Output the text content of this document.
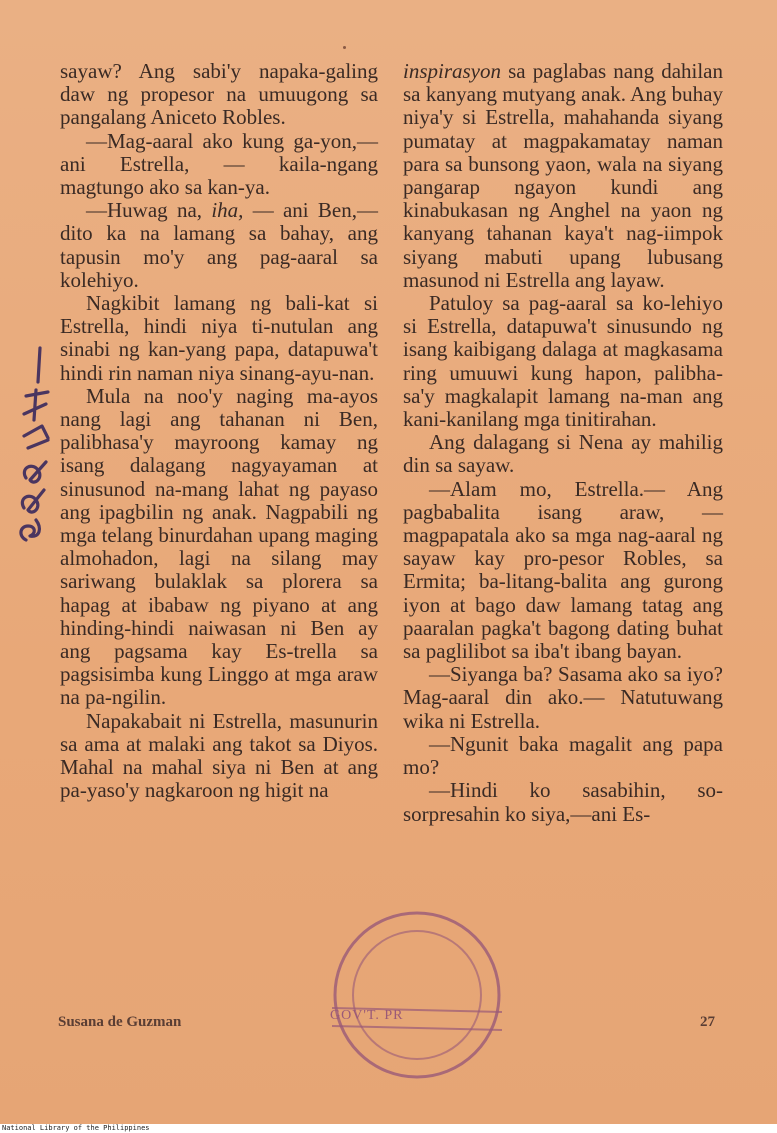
sayaw? Ang sabi'y napaka-galing daw ng propesor na umuugong sa pangalang Aniceto Robles.

—Mag-aaral ako kung ga-yon,—ani Estrella, — kaila-ngang magtungo ako sa kan-ya.

—Huwag na, iha, — ani Ben,—dito ka na lamang sa bahay, ang tapusin mo'y ang pag-aaral sa kolehiyo.

Nagkibit lamang ng bali-kat si Estrella, hindi niya ti-nutulan ang sinabi ng kan-yang papa, datapuwa't hindi rin naman niya sinang-ayu-nan.

Mula na noo'y naging ma-ayos nang lagi ang tahanan ni Ben, palibhasa'y mayroong kamay ng isang dalagang nagyayaman at sinusunod na-mang lahat ng payaso ang ipagbilin ng anak. Nagpabili ng mga telang binurdahan upang maging almohadon, lagi na silang may sariwang bulaklak sa plorera sa hapag at ibabaw ng piyano at ang hinding-hindi naiwasan ni Ben ay ang pagsama kay Es-trella sa pagsisimba kung Linggo at mga araw na pa-ngilin.

Napakabait ni Estrella, masunurin sa ama at malaki ang takot sa Diyos. Mahal na mahal siya ni Ben at ang pa-yaso'y nagkaroon ng higit na

inspirasyon sa paglabas nang dahilan sa kanyang mutyang anak. Ang buhay niya'y si Estrella, mahahanda siyang pumatay at magpakamatay naman para sa bunsong yaon, wala na siyang pangarap ngayon kundi ang kinabukasan ng Anghel na yaon ng kanyang tahanan kaya't nag-iimpok siyang mabuti upang lubusang masunod ni Estrella ang layaw.

Patuloy sa pag-aaral sa ko-lehiyo si Estrella, datapuwa't sinusundo ng isang kaibigang dalaga at magkasama ring umuuwi kung hapon, palibha-sa'y magkalapit lamang na-man ang kani-kanilang mga tinitirahan.

Ang dalagang si Nena ay mahilig din sa sayaw.

—Alam mo, Estrella.— Ang pagbabalita isang araw, —magpapatala ako sa mga nag-aaral ng sayaw kay pro-pesor Robles, sa Ermita; ba-litang-balita ang gurong iyon at bago daw lamang tatag ang paaralan pagka't bagong dating buhat sa paglilibot sa iba't ibang bayan.

—Siyanga ba? Sasama ako sa iyo? Mag-aaral din ako.— Natutuwang wika ni Estrella.

—Ngunit baka magalit ang papa mo?

—Hindi ko sasabihin, so-sorpresahin ko siya,—ani Es-

GOV'T. PR
Susana de Guzman	27
National Library of the Philippines
